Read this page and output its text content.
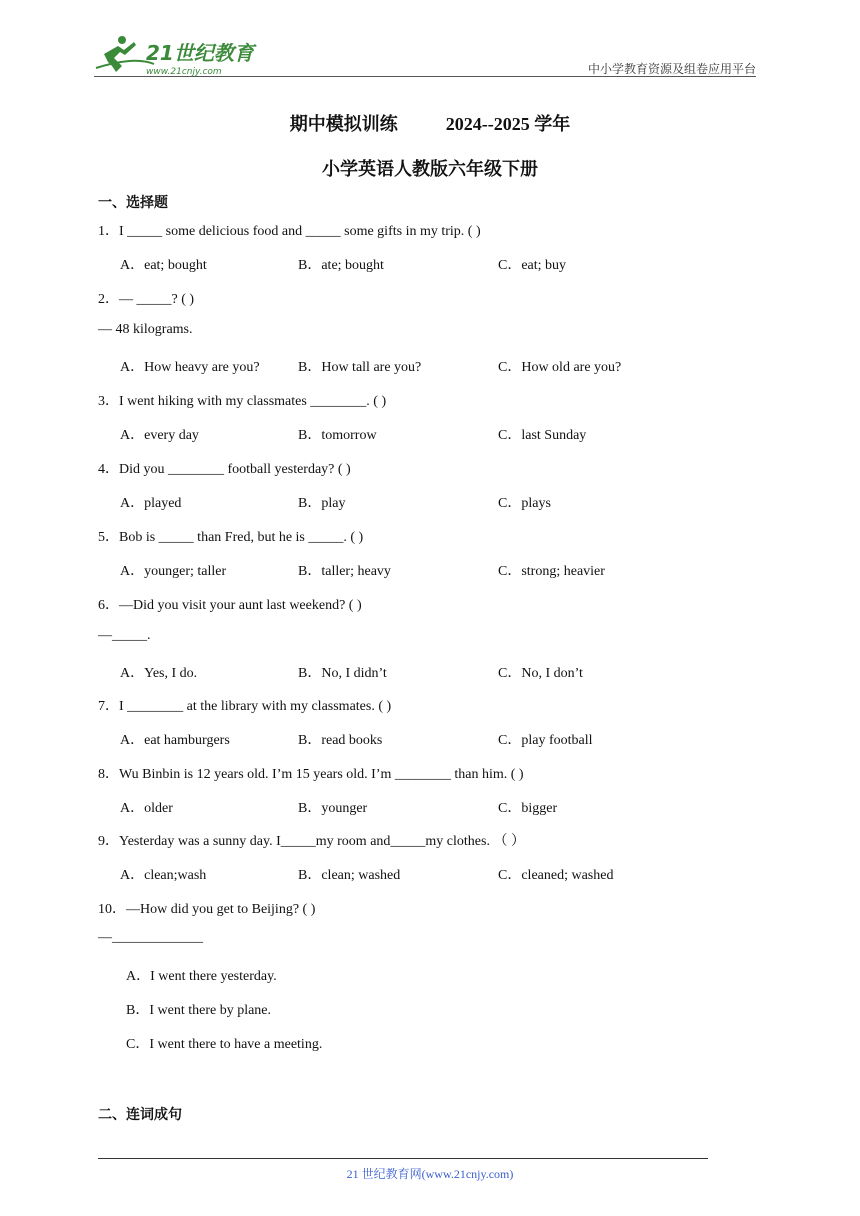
21世纪教育
www.21cnjy.com	中小学教育资源及组卷应用平台
期中模拟训练	2024--2025 学年
小学英语人教版六年级下册
一、选择题
1．I _____ some delicious food and _____ some gifts in my trip. ( )
A．eat; bought	B．ate; bought	C．eat; buy
2．— _____? ( )
— 48 kilograms.
A．How heavy are you?	B．How tall are you?	C．How old are you?
3．I went hiking with my classmates ________. ( )
A．every day	B．tomorrow	C．last Sunday
4．Did you ________ football yesterday? ( )
A．played	B．play	C．plays
5．Bob is _____ than Fred, but he is _____. ( )
A．younger; taller	B．taller; heavy	C．strong; heavier
6．—Did you visit your aunt last weekend? ( )
—_____.
A．Yes, I do.	B．No, I didn’t	C．No, I don’t
7．I ________ at the library with my classmates. ( )
A．eat hamburgers	B．read books	C．play football
8．Wu Binbin is 12 years old. I’m 15 years old. I’m ________ than him. ( )
A．older	B．younger	C．bigger
9．Yesterday was a sunny day. I_____my room and_____my clothes. （ ）
A．clean;wash	B．clean; washed	C．cleaned; washed
10．—How did you get to Beijing? ( )
—_____________
A．I went there yesterday.
B．I went there by plane.
C．I went there to have a meeting.
二、连词成句
21 世纪教育网(www.21cnjy.com)
